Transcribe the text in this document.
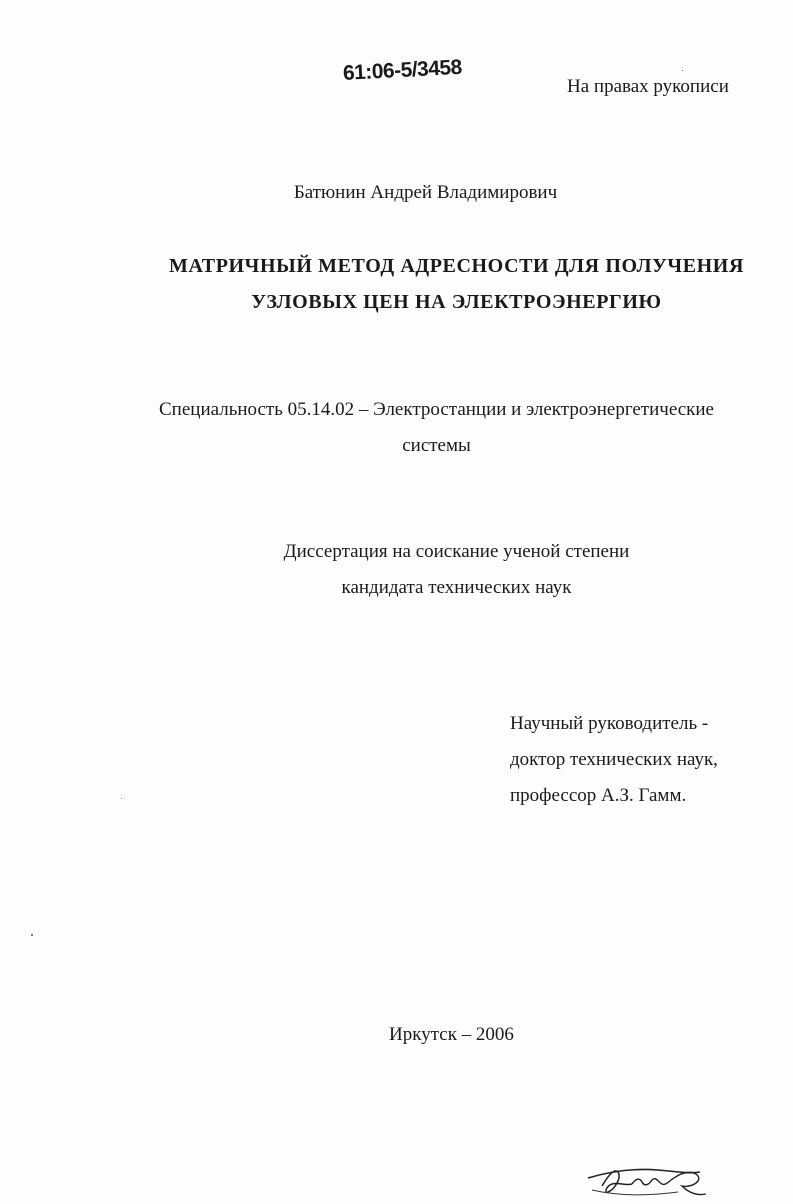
61:06-5/3458
На правах рукописи
Батюнин Андрей Владимирович
МАТРИЧНЫЙ МЕТОД АДРЕСНОСТИ ДЛЯ ПОЛУЧЕНИЯ
УЗЛОВЫХ ЦЕН НА ЭЛЕКТРОЭНЕРГИЮ
Специальность 05.14.02 – Электростанции и электроэнергетические
системы
Диссертация на соискание ученой степени
кандидата технических наук
Научный руководитель -
доктор технических наук,
профессор А.З. Гамм.
Иркутск – 2006
